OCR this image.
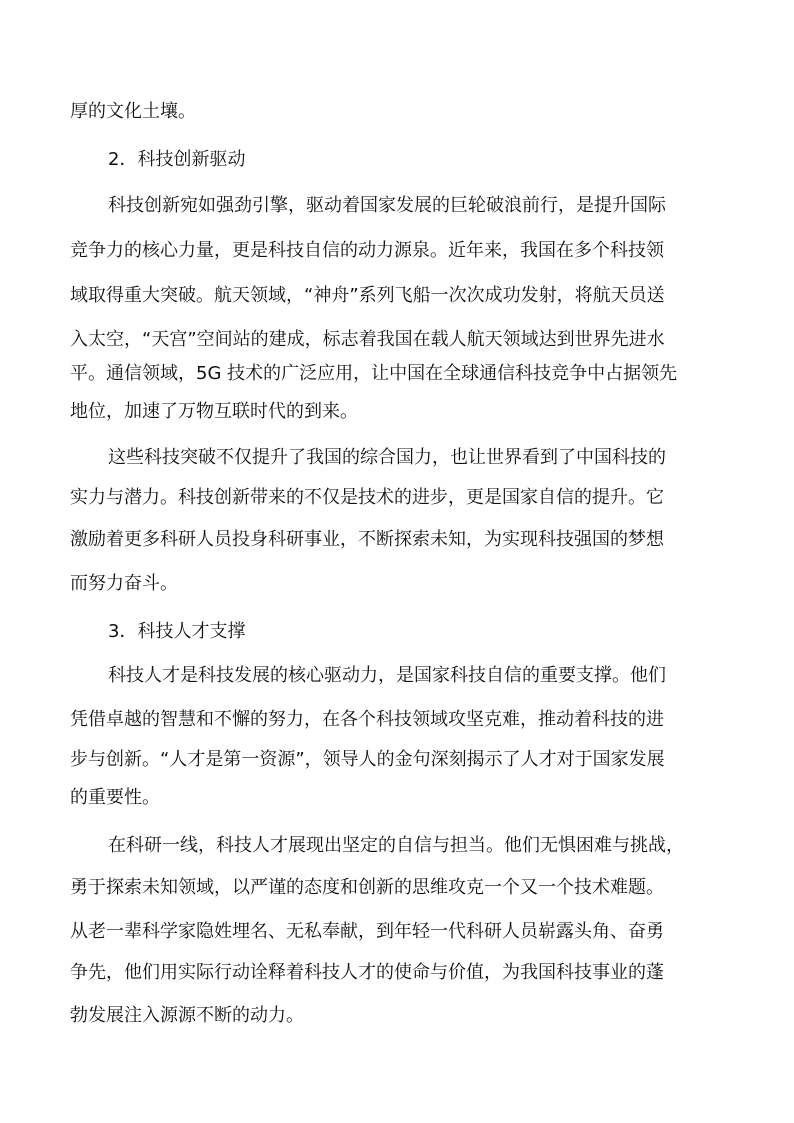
厚的文化土壤。
2．科技创新驱动
科技创新宛如强劲引擎，驱动着国家发展的巨轮破浪前行，是提升国际
竞争力的核心力量，更是科技自信的动力源泉。近年来，我国在多个科技领
域取得重大突破。航天领域，“神舟”系列飞船一次次成功发射，将航天员送
入太空，“天宫”空间站的建成，标志着我国在载人航天领域达到世界先进水
平。通信领域，5G 技术的广泛应用，让中国在全球通信科技竞争中占据领先
地位，加速了万物互联时代的到来。
这些科技突破不仅提升了我国的综合国力，也让世界看到了中国科技的
实力与潜力。科技创新带来的不仅是技术的进步，更是国家自信的提升。它
激励着更多科研人员投身科研事业，不断探索未知，为实现科技强国的梦想
而努力奋斗。
3．科技人才支撑
科技人才是科技发展的核心驱动力，是国家科技自信的重要支撑。他们
凭借卓越的智慧和不懈的努力，在各个科技领域攻坚克难，推动着科技的进
步与创新。“人才是第一资源”，领导人的金句深刻揭示了人才对于国家发展
的重要性。
在科研一线，科技人才展现出坚定的自信与担当。他们无惧困难与挑战，
勇于探索未知领域，以严谨的态度和创新的思维攻克一个又一个技术难题。
从老一辈科学家隐姓埋名、无私奉献，到年轻一代科研人员崭露头角、奋勇
争先，他们用实际行动诠释着科技人才的使命与价值，为我国科技事业的蓬
勃发展注入源源不断的动力。
